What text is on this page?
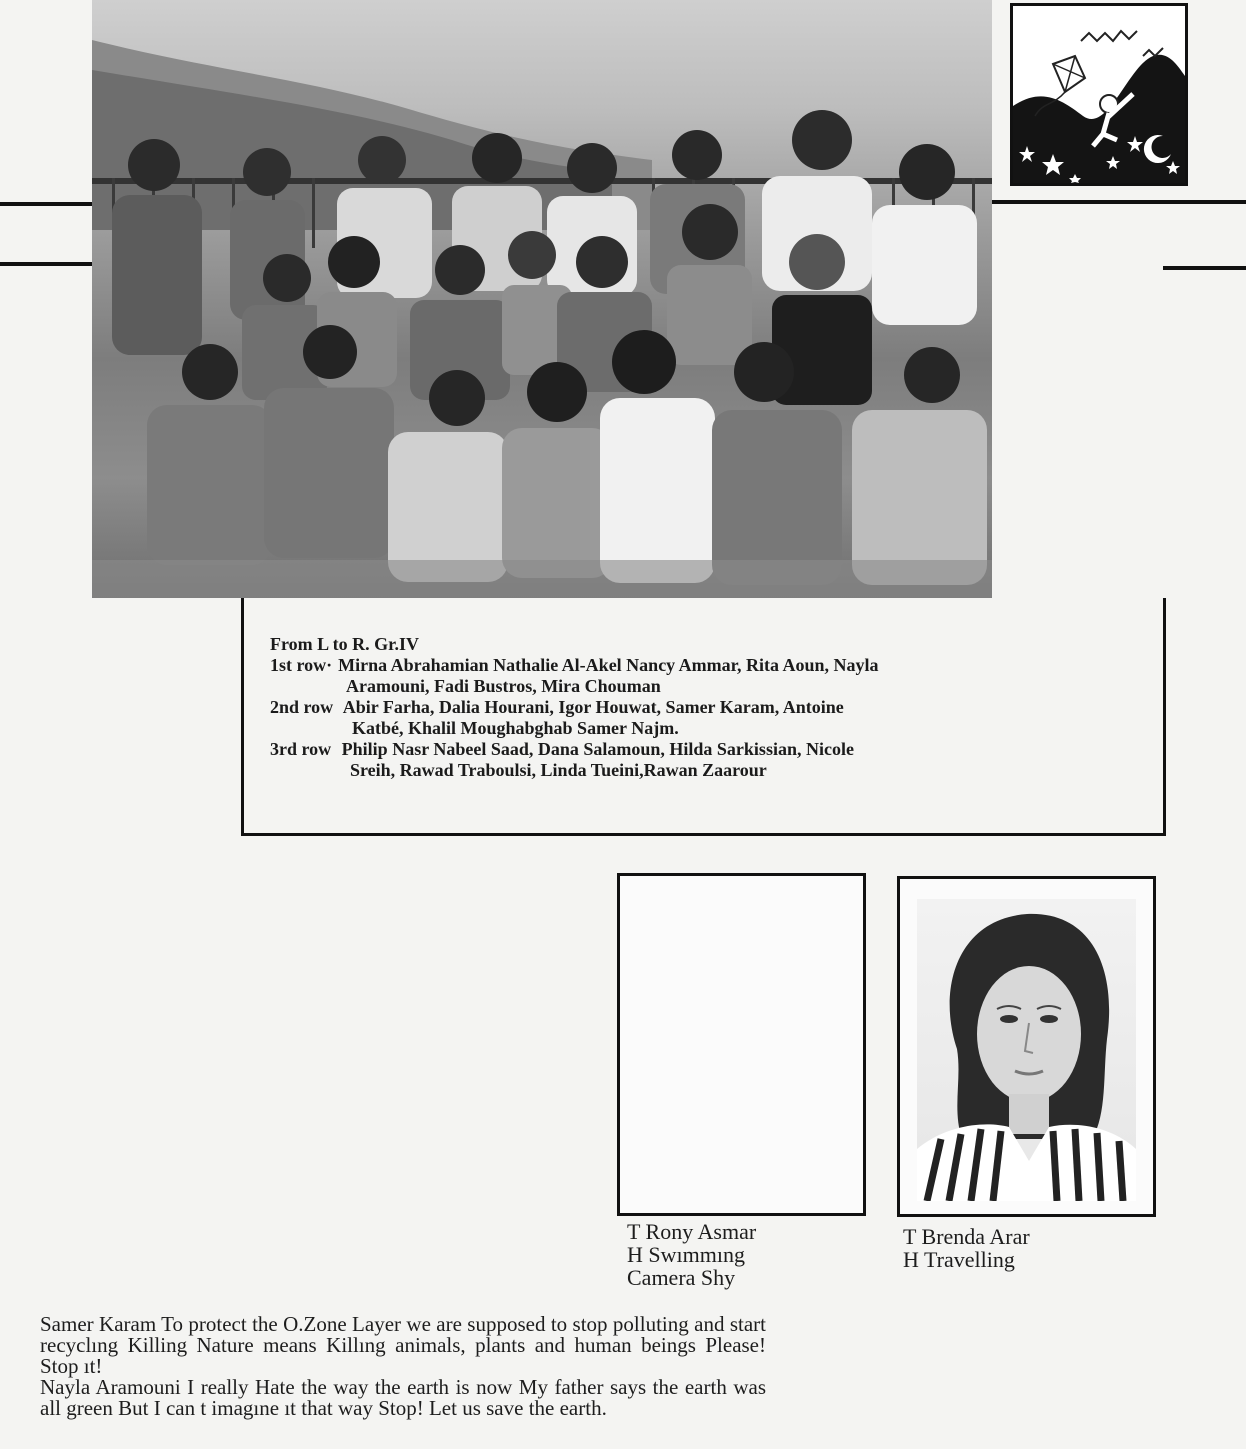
From L to R. Gr.IV
1st row· Mirna Abrahamian Nathalie Al-Akel Nancy Ammar, Rita Aoun, Nayla
Aramouni, Fadi Bustros, Mira Chouman
2nd row Abir Farha, Dalia Hourani, Igor Houwat, Samer Karam, Antoine
Katbé, Khalil Moughabghab Samer Najm.
3rd row Philip Nasr Nabeel Saad, Dana Salamoun, Hilda Sarkissian, Nicole
Sreih, Rawad Traboulsi, Linda Tueini,Rawan Zaarour
T Rony Asmar
H Swımmıng
Camera Shy
T Brenda Arar
H Travelling
Samer Karam To protect the O.Zone Layer we are supposed to stop polluting and start recyclıng Killing Nature means Killıng animals, plants and human beings Please! Stop ıt!
Nayla Aramouni I really Hate the way the earth is now My father says the earth was all green But I can t imagıne ıt that way Stop! Let us save the earth.
